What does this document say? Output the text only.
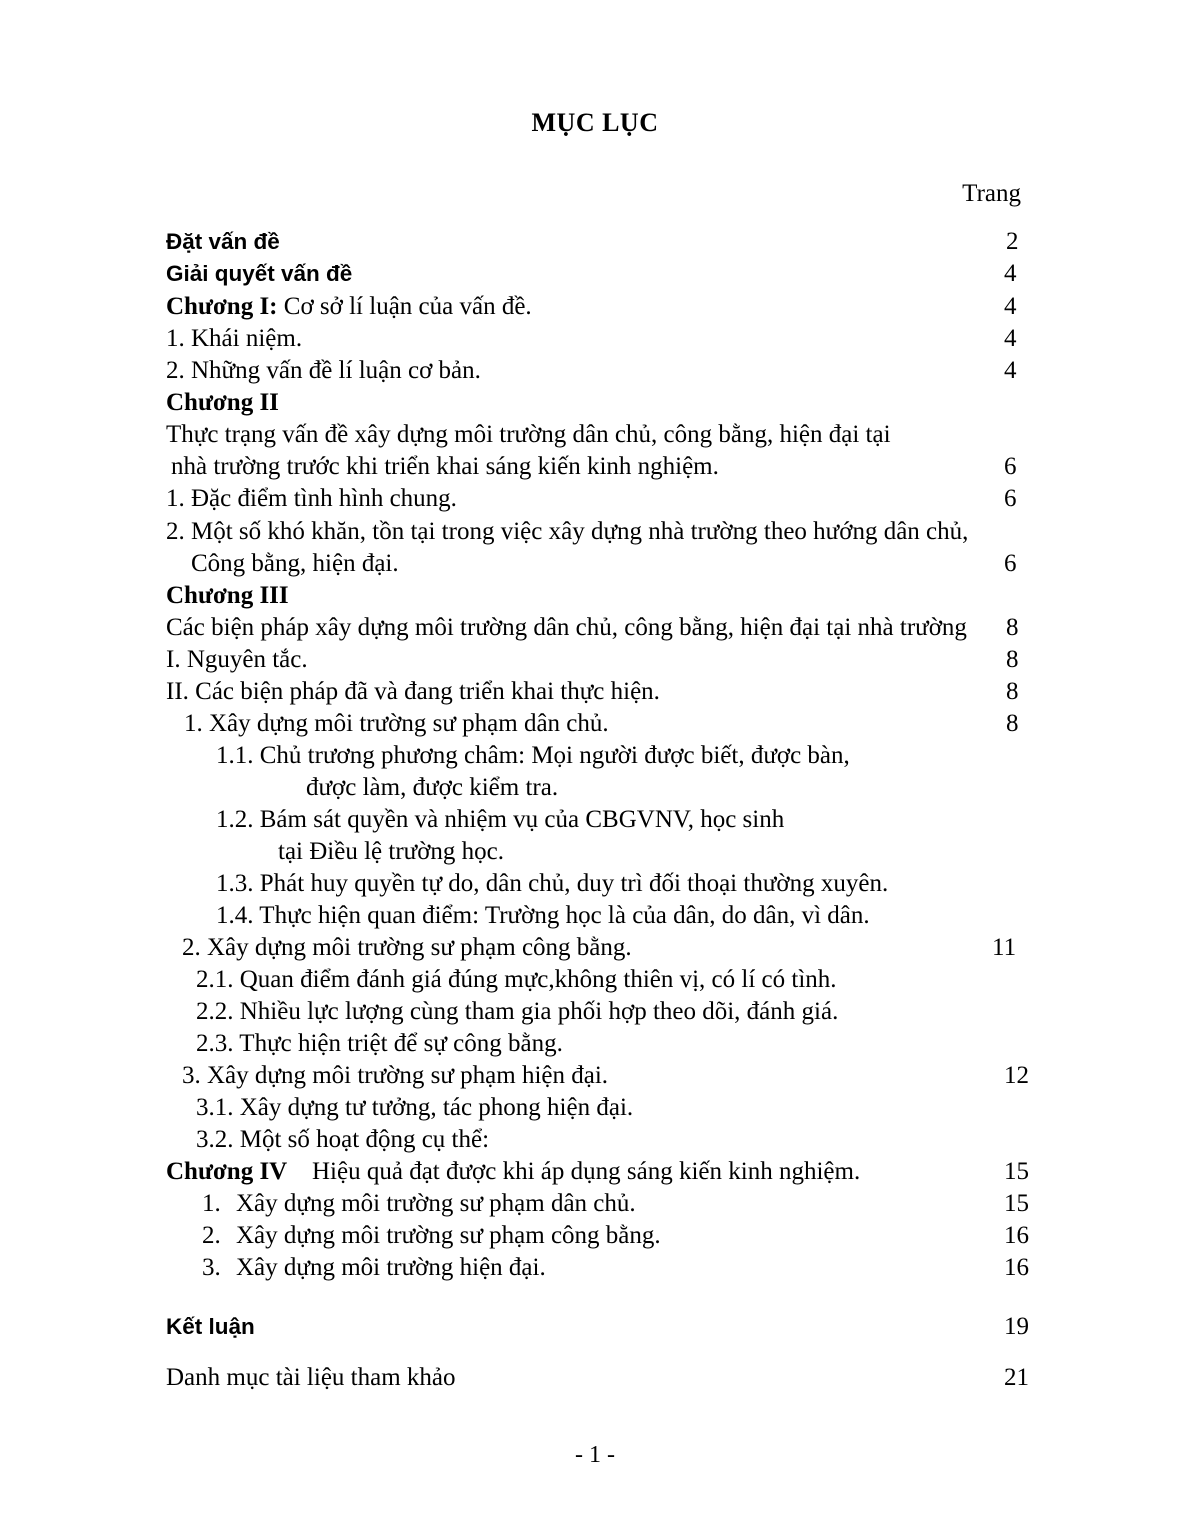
MỤC LỤC
Trang
Đặt vấn đề	2
Giải quyết vấn đề	4
Chương I: Cơ sở lí luận của vấn đề.	4
1. Khái niệm.	4
2. Những vấn đề lí luận cơ bản.	4
Chương II
Thực trạng vấn đề xây dựng môi trường dân chủ, công bằng, hiện đại tại
nhà trường trước khi triển khai sáng kiến kinh nghiệm.	6
1. Đặc điểm tình hình chung.	6
2. Một số khó khăn, tồn tại trong việc xây dựng nhà trường theo hướng dân chủ,
Công bằng, hiện đại.	6
Chương III
Các biện pháp xây dựng môi trường dân chủ, công bằng, hiện đại tại nhà trường 8
I. Nguyên tắc.	8
II. Các biện pháp đã và đang triển khai thực hiện.	8
1. Xây dựng môi trường sư phạm dân chủ.	8
1.1. Chủ trương phương châm: Mọi người được biết, được bàn,
được làm, được kiểm tra.
1.2. Bám sát quyền và nhiệm vụ của CBGVNV, học sinh
tại Điều lệ trường học.
1.3. Phát huy quyền tự do, dân chủ, duy trì đối thoại thường xuyên.
1.4. Thực hiện quan điểm: Trường học là của dân, do dân, vì dân.
2. Xây dựng môi trường sư phạm công bằng.	11
2.1. Quan điểm đánh giá đúng mực,không thiên vị, có lí có tình.
2.2. Nhiều lực lượng cùng tham gia phối hợp theo dõi, đánh giá.
2.3. Thực hiện triệt để sự công bằng.
3. Xây dựng môi trường sư phạm hiện đại.	12
3.1. Xây dựng tư tưởng, tác phong hiện đại.
3.2. Một số hoạt động cụ thể:
Chương IV Hiệu quả đạt được khi áp dụng sáng kiến kinh nghiệm.	15
1. Xây dựng môi trường sư phạm dân chủ.	15
2. Xây dựng môi trường sư phạm công bằng.	16
3. Xây dựng môi trường hiện đại.	16
Kết luận	19
Danh mục tài liệu tham khảo	21
- 1 -
